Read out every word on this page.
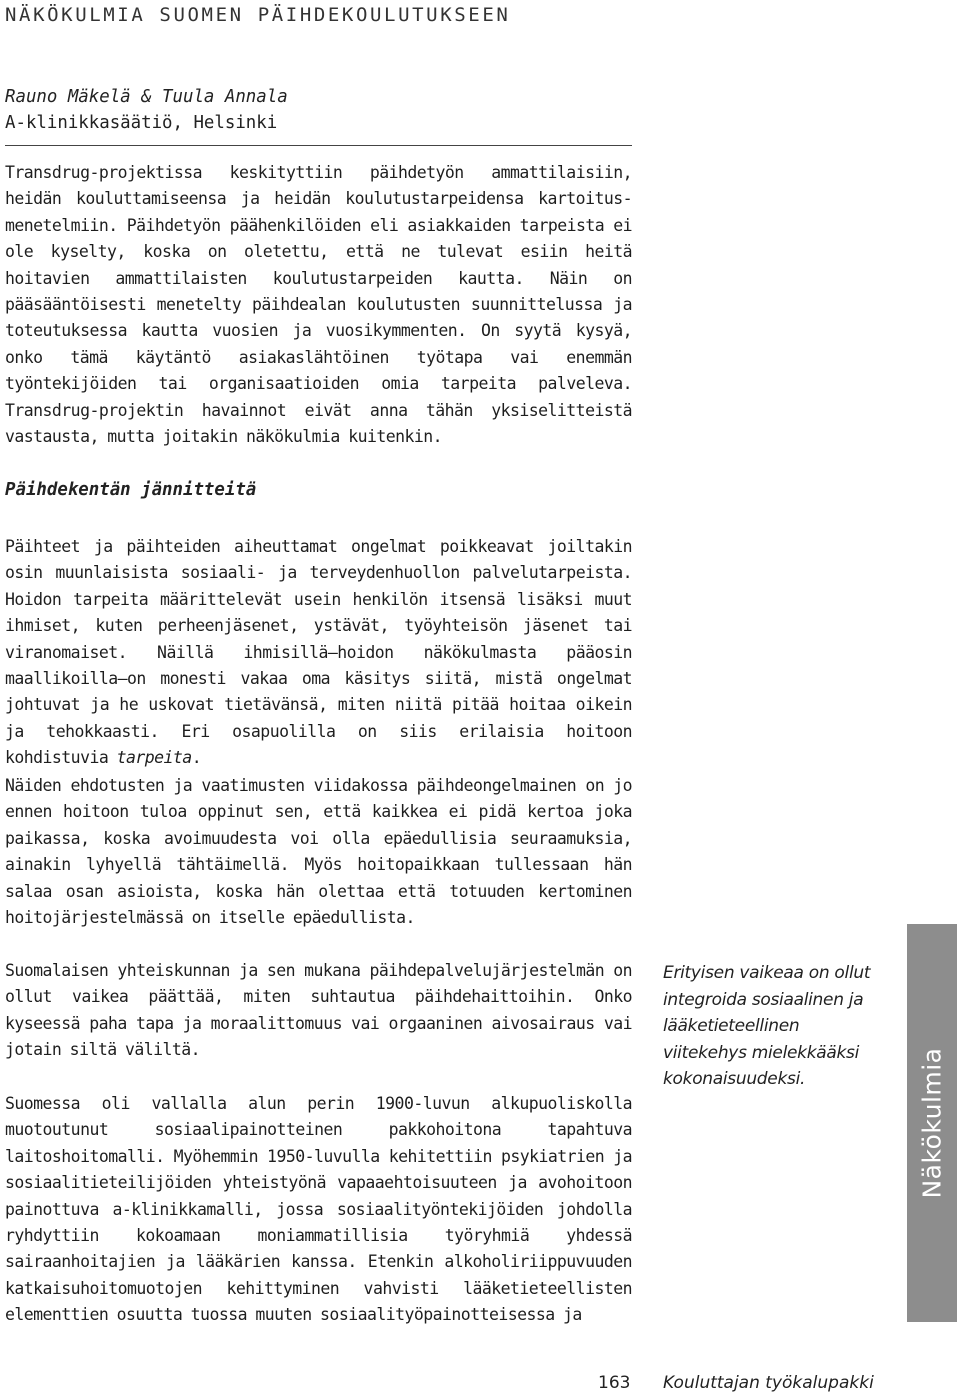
NÄKÖKULMIA SUOMEN PÄIHDEKOULUTUKSEEN
Rauno Mäkelä & Tuula Annala
A-klinikkasäätiö, Helsinki

Transdrug-projektissa keskityttiin päihdetyön ammattilaisiin, heidän kouluttamiseensa ja heidän koulutustarpeidensa kartoitus-menetelmiin. Päihdetyön päähenkilöiden eli asiakkaiden tarpeista ei ole kyselty, koska on oletettu, että ne tulevat esiin heitä hoitavien ammattilaisten koulutustarpeiden kautta. Näin on pääsääntöisesti menetelty päihdealan koulutusten suunnittelussa ja toteutuksessa kautta vuosien ja vuosikymmenten. On syytä kysyä, onko tämä käytäntö asiakaslähtöinen työtapa vai enemmän työntekijöiden tai organisaatioiden omia tarpeita palveleva. Transdrug-projektin havainnot eivät anna tähän yksiselitteistä vastausta, mutta joitakin näkökulmia kuitenkin.

Päihdekentän jännitteitä

Päihteet ja päihteiden aiheuttamat ongelmat poikkeavat joiltakin osin muunlaisista sosiaali- ja terveydenhuollon palvelutarpeista. Hoidon tarpeita määrittelevät usein henkilön itsensä lisäksi muut ihmiset, kuten perheenjäsenet, ystävät, työyhteisön jäsenet tai viranomaiset. Näillä ihmisillä—hoidon näkökulmasta pääosin maallikoilla—on monesti vakaa oma käsitys siitä, mistä ongelmat johtuvat ja he uskovat tietävänsä, miten niitä pitää hoitaa oikein ja tehokkaasti. Eri osapuolilla on siis erilaisia hoitoon kohdistuvia tarpeita.

Näiden ehdotusten ja vaatimusten viidakossa päihdeongelmainen on jo ennen hoitoon tuloa oppinut sen, että kaikkea ei pidä kertoa joka paikassa, koska avoimuudesta voi olla epäedullisia seuraamuksia, ainakin lyhyellä tähtäimellä. Myös hoitopaikkaan tullessaan hän salaa osan asioista, koska hän olettaa että totuuden kertominen hoitojärjestelmässä on itselle epäedullista.

Suomalaisen yhteiskunnan ja sen mukana päihdepalvelujärjestelmän on ollut vaikea päättää, miten suhtautua päihdehaittoihin. Onko kyseessä paha tapa ja moraalittomuus vai orgaaninen aivosairaus vai jotain siltä väliltä.

Suomessa oli vallalla alun perin 1900-luvun alkupuoliskolla muotoutunut sosiaalipainotteinen pakkohoitona tapahtuva laitoshoitomalli. Myöhemmin 1950-luvulla kehitettiin psykiatrien ja sosiaalitieteilijöiden yhteistyönä vapaaehtoisuuteen ja avohoitoon painottuva a-klinikkamalli, jossa sosiaalityöntekijöiden johdolla ryhdyttiin kokoamaan moniammatillisia työryhmiä yhdessä sairaanhoitajien ja lääkärien kanssa. Etenkin alkoholiriippuvuuden katkaisuhoitomuotojen kehittyminen vahvisti lääketieteellisten elementtien osuutta tuossa muuten sosiaalityöpainotteisessa ja

Erityisen vaikeaa on ollut integroida sosiaalinen ja lääketieteellinen viitekehys mielekkääksi kokonaisuudeksi.	Näkökulmia
163 Kouluttajan työkalupakki
